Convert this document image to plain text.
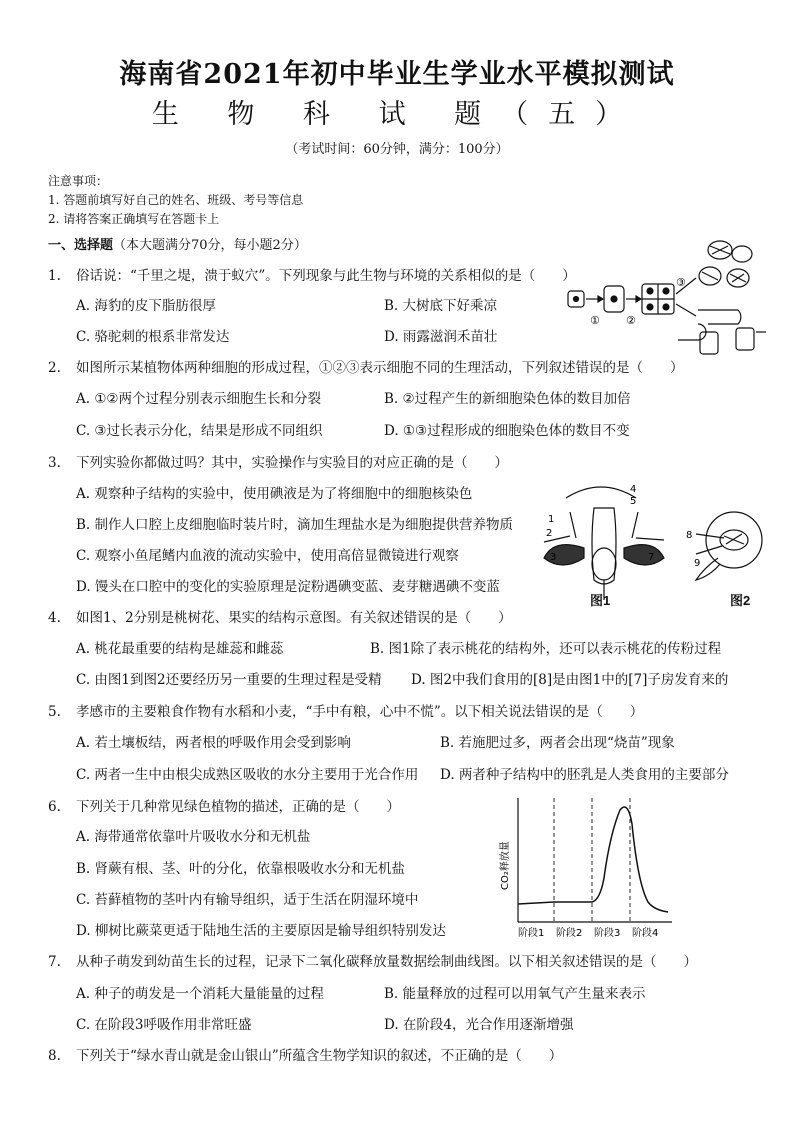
海南省2021年初中毕业生学业水平模拟测试
生 物 科 试 题（五）
（考试时间：60分钟，满分：100分）
注意事项：
1. 答题前填写好自己的姓名、班级、考号等信息
2. 请将答案正确填写在答题卡上
一、选择题（本大题满分70分，每小题2分）
1. 俗话说：“千里之堤，溃于蚁穴”。下列现象与此生物与环境的关系相似的是（　　）
A. 海豹的皮下脂肪很厚	B. 大树底下好乘凉
C. 骆驼刺的根系非常发达	D. 雨露滋润禾苗壮
2. 如图所示某植物体两种细胞的形成过程，①②③表示细胞不同的生理活动，下列叙述错误的是（　　）
A. ①②两个过程分别表示细胞生长和分裂	B. ②过程产生的新细胞染色体的数目加倍
C. ③过长表示分化，结果是形成不同组织	D. ①③过程形成的细胞染色体的数目不变
3. 下列实验你都做过吗？其中，实验操作与实验目的对应正确的是（　　）
A. 观察种子结构的实验中，使用碘液是为了将细胞中的细胞核染色
B. 制作人口腔上皮细胞临时装片时，滴加生理盐水是为细胞提供营养物质
C. 观察小鱼尾鳍内血液的流动实验中，使用高倍显微镜进行观察
D. 馒头在口腔中的变化的实验原理是淀粉遇碘变蓝、麦芽糖遇碘不变蓝
4. 如图1、2分别是桃树花、果实的结构示意图。有关叙述错误的是（　　）
A. 桃花最重要的结构是雄蕊和雌蕊	B. 图1除了表示桃花的结构外，还可以表示桃花的传粉过程
C. 由图1到图2还要经历另一重要的生理过程是受精 D. 图2中我们食用的[8]是由图1中的[7]子房发育来的
5. 孝感市的主要粮食作物有水稻和小麦，“手中有粮，心中不慌”。以下相关说法错误的是（　　）
A. 若土壤板结，两者根的呼吸作用会受到影响	B. 若施肥过多，两者会出现“烧苗”现象
C. 两者一生中由根尖成熟区吸收的水分主要用于光合作用 D. 两者种子结构中的胚乳是人类食用的主要部分
6. 下列关于几种常见绿色植物的描述，正确的是（　　）
A. 海带通常依靠叶片吸收水分和无机盐
B. 肾蕨有根、茎、叶的分化，依靠根吸收水分和无机盐
C. 苔藓植物的茎叶内有输导组织，适于生活在阴湿环境中
D. 柳树比蕨菜更适于陆地生活的主要原因是输导组织特别发达
7. 从种子萌发到幼苗生长的过程，记录下二氧化碳释放量数据绘制曲线图。以下相关叙述错误的是（　　）
A. 种子的萌发是一个消耗大量能量的过程	B. 能量释放的过程可以用氧气产生量来表示
C. 在阶段3呼吸作用非常旺盛	D. 在阶段4，光合作用逐渐增强
8. 下列关于“绿水青山就是金山银山”所蕴含生物学知识的叙述，不正确的是（　　）
① ②
③
1
2
3
4
5
6
7
图1
8
9
图2
CO₂释放量
阶段1 阶段2 阶段3 阶段4
